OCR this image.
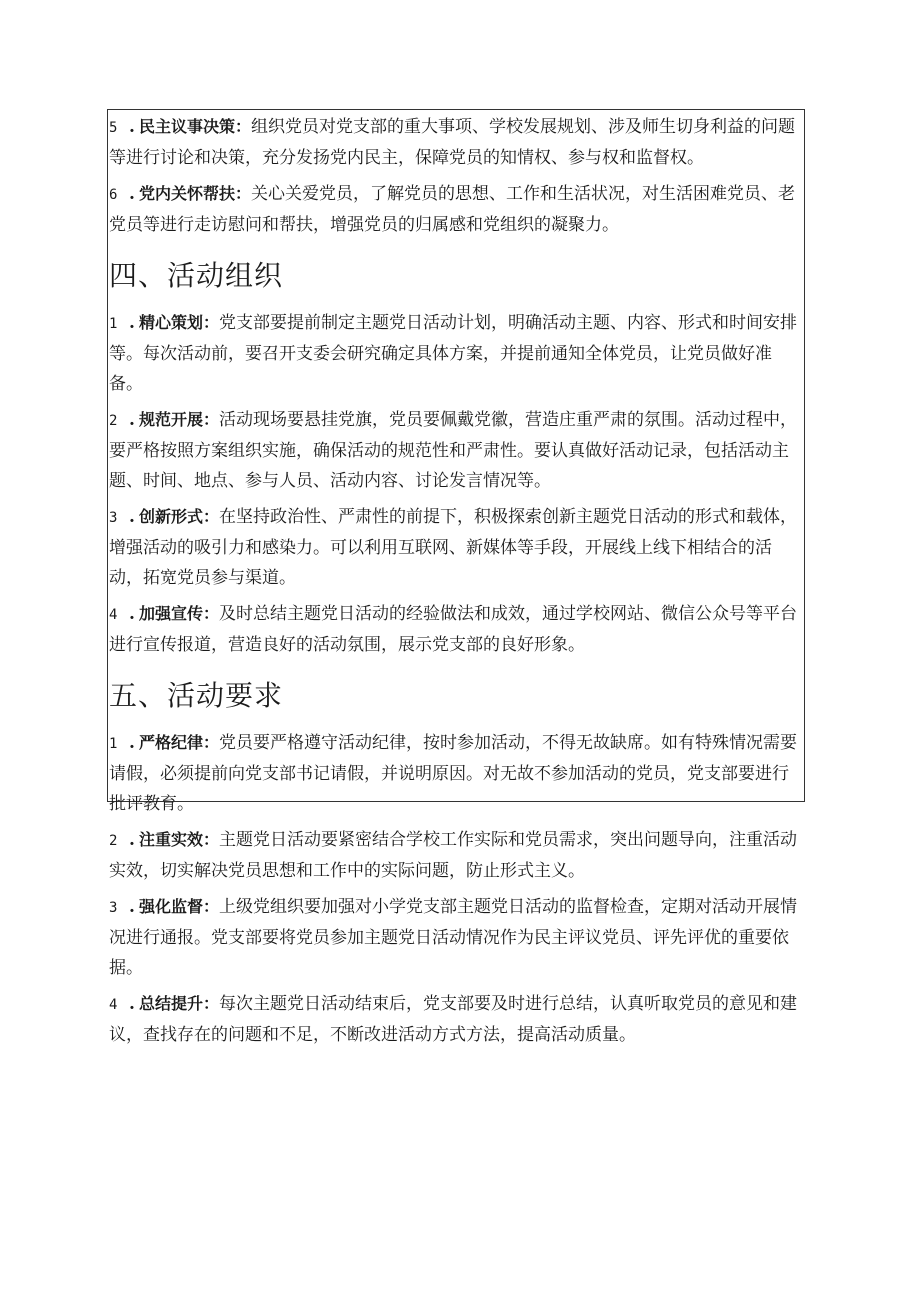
5 . 民主议事决策：组织党员对党支部的重大事项、学校发展规划、涉及师生切身利益的问题等进行讨论和决策，充分发扬党内民主，保障党员的知情权、参与权和监督权。
6 . 党内关怀帮扶：关心关爱党员，了解党员的思想、工作和生活状况，对生活困难党员、老党员等进行走访慰问和帮扶，增强党员的归属感和党组织的凝聚力。
四、活动组织
1 . 精心策划：党支部要提前制定主题党日活动计划，明确活动主题、内容、形式和时间安排等。每次活动前，要召开支委会研究确定具体方案，并提前通知全体党员，让党员做好准备。
2 . 规范开展：活动现场要悬挂党旗，党员要佩戴党徽，营造庄重严肃的氛围。活动过程中，要严格按照方案组织实施，确保活动的规范性和严肃性。要认真做好活动记录，包括活动主题、时间、地点、参与人员、活动内容、讨论发言情况等。
3 . 创新形式：在坚持政治性、严肃性的前提下，积极探索创新主题党日活动的形式和载体，增强活动的吸引力和感染力。可以利用互联网、新媒体等手段，开展线上线下相结合的活动，拓宽党员参与渠道。
4 . 加强宣传：及时总结主题党日活动的经验做法和成效，通过学校网站、微信公众号等平台进行宣传报道，营造良好的活动氛围，展示党支部的良好形象。
五、活动要求
1 . 严格纪律：党员要严格遵守活动纪律，按时参加活动，不得无故缺席。如有特殊情况需要请假，必须提前向党支部书记请假，并说明原因。对无故不参加活动的党员，党支部要进行批评教育。
2 . 注重实效：主题党日活动要紧密结合学校工作实际和党员需求，突出问题导向，注重活动实效，切实解决党员思想和工作中的实际问题，防止形式主义。
3 . 强化监督：上级党组织要加强对小学党支部主题党日活动的监督检查，定期对活动开展情况进行通报。党支部要将党员参加主题党日活动情况作为民主评议党员、评先评优的重要依据。
4 . 总结提升：每次主题党日活动结束后，党支部要及时进行总结，认真听取党员的意见和建议，查找存在的问题和不足，不断改进活动方式方法，提高活动质量。
